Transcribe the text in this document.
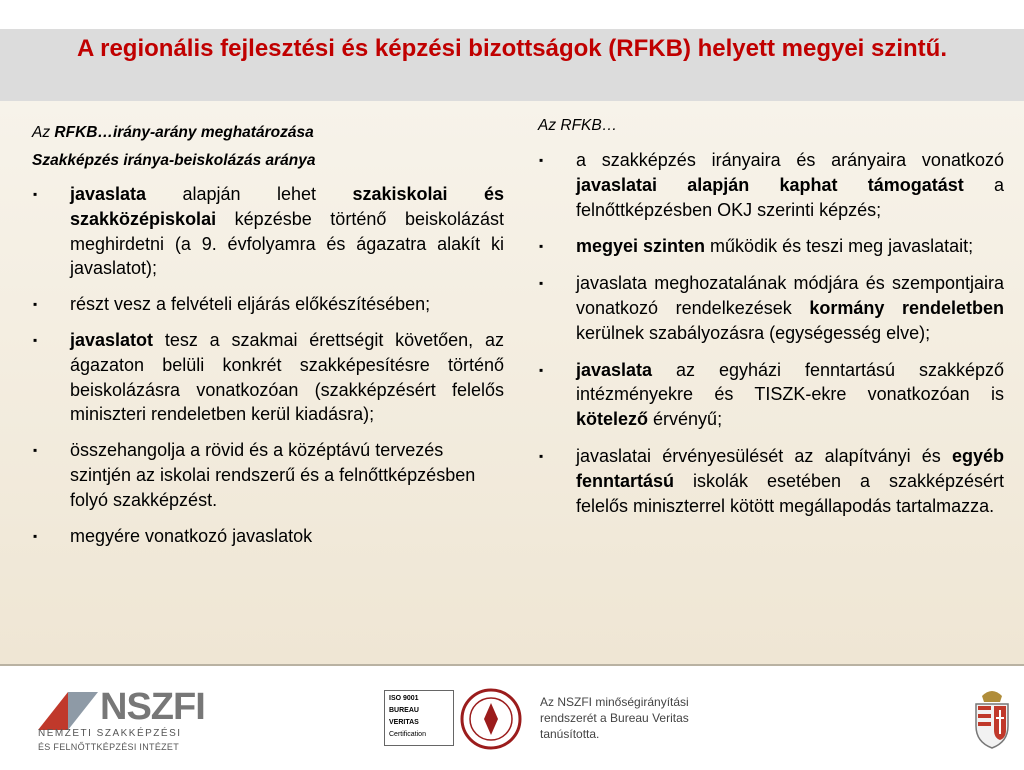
A regionális fejlesztési és képzési bizottságok (RFKB) helyett megyei szintű.
Az RFKB…irány-arány meghatározása
Szakképzés iránya-beiskolázás aránya
▪ javaslata alapján lehet szakiskolai és szakközépiskolai képzésbe történő beiskolázást meghirdetni (a 9. évfolyamra és ágazatra alakít ki javaslatot);
▪ részt vesz a felvételi eljárás előkészítésében;
▪ javaslatot tesz a szakmai érettségit követően, az ágazaton belüli konkrét szakképesítésre történő beiskolázásra vonatkozóan (szakképzésért felelős miniszteri rendeletben kerül kiadásra);
▪ összehangolja a rövid és a középtávú tervezés szintjén az iskolai rendszerű és a felnőttképzésben folyó szakképzést.
▪ megyére vonatkozó javaslatok
Az RFKB…
▪ a szakképzés irányaira és arányaira vonatkozó javaslatai alapján kaphat támogatást a felnőttképzésben OKJ szerinti képzés;
▪ megyei szinten működik és teszi meg javaslatait;
▪ javaslata meghozatalának módjára és szempontjaira vonatkozó rendelkezések kormány rendeletben kerülnek szabályozásra (egységesség elve);
▪ javaslata az egyházi fenntartású szakképző intézményekre és TISZK-ekre vonatkozóan is kötelező érvényű;
▪ javaslatai érvényesülését az alapítványi és egyéb fenntartású iskolák esetében a szakképzésért felelős miniszterrel kötött megállapodás tartalmazza.
NSZFI
NEMZETI SZAKKÉPZÉSI
ÉS FELNŐTTKÉPZÉSI INTÉZET
ISO 9001
BUREAU VERITAS
Certification
Az NSZFI minőségirányítási
rendszerét a Bureau Veritas
tanúsította.
